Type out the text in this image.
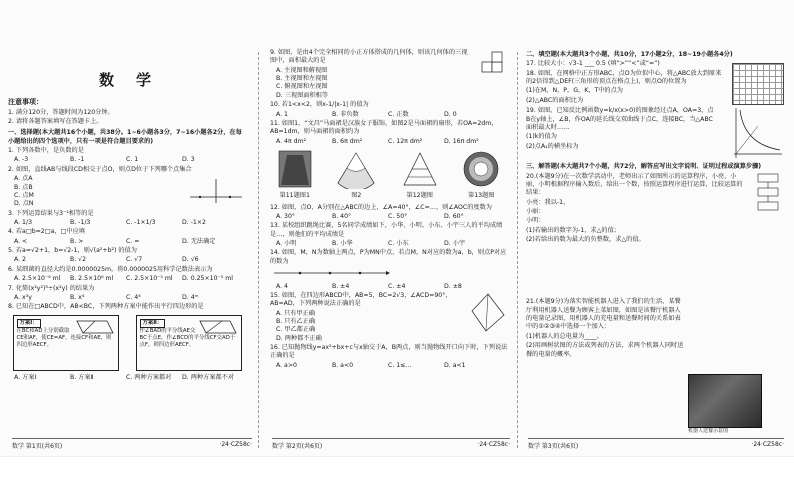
数学
注意事项：
1. 满分120分，答题时间为120分钟。
2. 请将各题答案填写在答题卡上。
一、选择题(本大题共16个小题，共38分。1~6小题各3分，7~16小题各2分，在每小题给出的四个选项中，只有一项是符合题目要求的)
1. 下列各数中，是负数的是
A. -3	B. -1	C. 1	D. 3
2. 如图，直线AB与线段CD相交于点O，则点D位于下列哪个点集合
A. 点A
B. 点B
C. 点M
D. 点N
3. 下列运算结果与3⁻¹相等的是
A. 1/3	B. -1/3	C. -1×1/3	D. -1×2
4. 若a□b=2□a，□中应填
A. <	B. >	C. =	D. 无法确定
5. 若a=√2+1，b=√2-1，则√(a²+b²) 的值为
A. 2	B. √2	C. √7	D. √6
6. 某细菌的直径大约是0.0000025m，将0.0000025用科学记数法表示为
A. 2.5×10⁻⁶ ml	B. 2.5×10⁶ ml	C. 2.5×10⁻⁵ ml	D. 0.25×10⁻⁵ ml
7. 化简(x²y²)³÷(x²y) 的结果为
A. x³y	B. x⁴	C. 4⁴	D. 4ᵐ
8. 已知在□ABCD中，AB<BC，下列两种方案中能作出平行四边形的是
方案Ⅰ：
在BC和AD上分别截取CE和AF，使CE=AF，连接CF和AE，则四边形AECF。
方案Ⅱ：
作∠BAD的平分线AE交BC于点E，作∠BCD的平分线CF交AD于点F，则四边形AECF。
A. 方案Ⅰ	B. 方案Ⅱ	C. 两种方案都对	D. 两种方案都不对
9. 如图，是由4个完全相同的小正方体搭成的几何体，则该几何体的三视图中，面积最大的是
A. 主视图和俯视图
B. 主视图和左视图
C. 俯视图和左视图
D. 三视图面积相等
10. 若1<x<2，则x-1/|x-1| 的值为
A. 1	B. 非负数	C. 正数	D. 0
11. 如图1，“文昌”马面裙是汉族女子服饰，如图2是马面裙的扇形，若OA=2dm，AB=1dm，则马面裙的面积约为
A. 4π dm²	B. 6π dm²	C. 12π dm²	D. 16π dm²
第11题图1	图2	第12题图	第13题图
12. 如图，点O、A分别在△ABC的边上，∠A=40°，∠C=…，则∠AOC的度数为
A. 30°	B. 40°	C. 50°	D. 60°
13. 某校组织跳绳比赛，5名同学成绩如下，小华、小明、小东、小宇三人的平均成绩是…，则他们的平均成绩是
A. 小明	B. 小华	C. 小东	D. 小宇
14. 如图，M，N为数轴上两点，P为MN中点，若点M，N对应的数为a，b，则点P对应的数为
A. 4	B. ±4	C. ±4	D. ±8
15. 如图，在四边形ABCD中，AB=5，BC=2√3，∠ACD=90°，AB=AD，下列两种说法正确的是
A. 只有甲正确
B. 只有乙正确
C. 甲乙都正确
D. 两种都不正确
16. 已知抛物线y=ax²+bx+c与x轴交于A，B两点，则当抛物线开口向下时，下列说法正确的是
A. a>0	B. a<0	C. 1≤…	D. a<1
二、填空题(本大题共3个小题，共10分，17小题2分，18~19小题各4分)
17. 比较大小：√3-1 ___ 0.5 (填“>”“<”或“=”)
18. 如图，在网格中正方形ABC，点O为位似中心，将△ABC放大到原来的2倍得到△DEF(三角形的顶点在格点上)，则点O的位置为
(1)在M，N，P，G，K，T中的点为
(2)△ABC的面积比为
19. 如图，已知反比例函数y=k/x(x>0)的图象经过点A，OA=3，点B在y轴上，∠B，作OA的延长线交双曲线于点C，连接BC，当△ABC面积最大时……
(1)k的值为
(2)点A₁的横坐标为
三、解答题(本大题共7个小题，共72分，解答应写出文字说明、证明过程或演算步骤)
20.(本题9分)在一次数学活动中，老师出示了如图所示的运算程序，小亮、小丽、小明根据程序输入数后，给出一个数，按照运算程序进行运算，比较运算的结果：
小亮：我以-1，
小丽：
小明：
(1)若输出的数字为-1，求△的值；
(2)若给出的数为最大的负整数，求△的值。
21.(本题9分)为落实智能机器人进入了我们的生活，某餐厅利用机器人送餐为顾客上菜如图，如图是该餐厅机器人的电量记录图，用机器人的充电量和送餐时间的关系如表中的①②③④中选择一个加入：
(1)机器人的总电量为____。
(2)用画树状图的方法或列表的方法，求两个机器人同时送餐的电量的概率。
机器人送餐示意图
数学 第1页(共6页)	·24·CZ58c·	数学 第2页(共6页)	·24·CZ58c·	数学 第3页(共6页)	·24·CZ58c·
